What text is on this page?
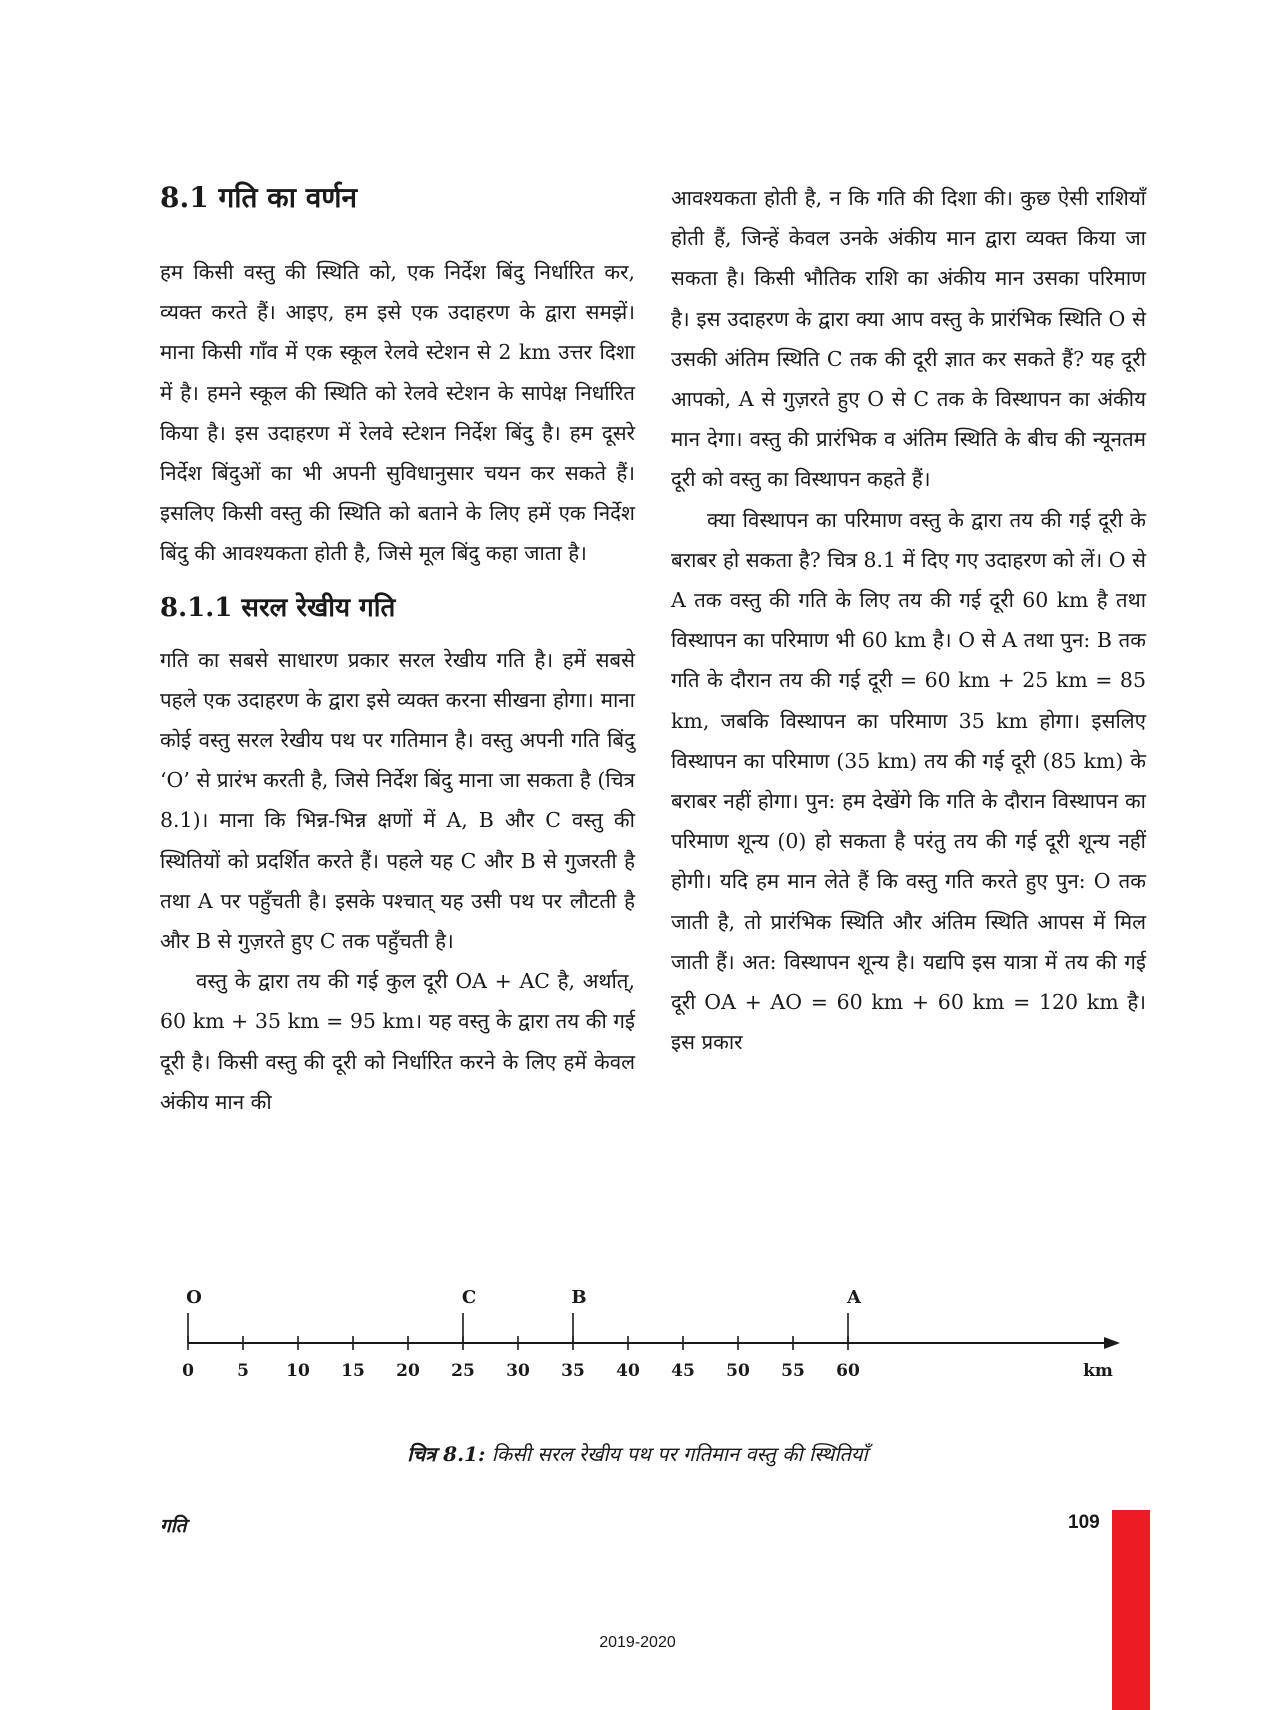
8.1 गति का वर्णन

हम किसी वस्तु की स्थिति को, एक निर्देश बिंदु निर्धारित कर, व्यक्त करते हैं। आइए, हम इसे एक उदाहरण के द्वारा समझें। माना किसी गाँव में एक स्कूल रेलवे स्टेशन से 2 km उत्तर दिशा में है। हमने स्कूल की स्थिति को रेलवे स्टेशन के सापेक्ष निर्धारित किया है। इस उदाहरण में रेलवे स्टेशन निर्देश बिंदु है। हम दूसरे निर्देश बिंदुओं का भी अपनी सुविधानुसार चयन कर सकते हैं। इसलिए किसी वस्तु की स्थिति को बताने के लिए हमें एक निर्देश बिंदु की आवश्यकता होती है, जिसे मूल बिंदु कहा जाता है।

8.1.1 सरल रेखीय गति

गति का सबसे साधारण प्रकार सरल रेखीय गति है। हमें सबसे पहले एक उदाहरण के द्वारा इसे व्यक्त करना सीखना होगा। माना कोई वस्तु सरल रेखीय पथ पर गतिमान है। वस्तु अपनी गति बिंदु ‘O’ से प्रारंभ करती है, जिसे निर्देश बिंदु माना जा सकता है (चित्र 8.1)। माना कि भिन्न-भिन्न क्षणों में A, B और C वस्तु की स्थितियों को प्रदर्शित करते हैं। पहले यह C और B से गुजरती है तथा A पर पहुँचती है। इसके पश्चात् यह उसी पथ पर लौटती है और B से गुज़रते हुए C तक पहुँचती है।

वस्तु के द्वारा तय की गई कुल दूरी OA + AC है, अर्थात्, 60 km + 35 km = 95 km। यह वस्तु के द्वारा तय की गई दूरी है। किसी वस्तु की दूरी को निर्धारित करने के लिए हमें केवल अंकीय मान की

आवश्यकता होती है, न कि गति की दिशा की। कुछ ऐसी राशियाँ होती हैं, जिन्हें केवल उनके अंकीय मान द्वारा व्यक्त किया जा सकता है। किसी भौतिक राशि का अंकीय मान उसका परिमाण है। इस उदाहरण के द्वारा क्या आप वस्तु के प्रारंभिक स्थिति O से उसकी अंतिम स्थिति C तक की दूरी ज्ञात कर सकते हैं? यह दूरी आपको, A से गुज़रते हुए O से C तक के विस्थापन का अंकीय मान देगा। वस्तु की प्रारंभिक व अंतिम स्थिति के बीच की न्यूनतम दूरी को वस्तु का विस्थापन कहते हैं।

क्या विस्थापन का परिमाण वस्तु के द्वारा तय की गई दूरी के बराबर हो सकता है? चित्र 8.1 में दिए गए उदाहरण को लें। O से A तक वस्तु की गति के लिए तय की गई दूरी 60 km है तथा विस्थापन का परिमाण भी 60 km है। O से A तथा पुन: B तक गति के दौरान तय की गई दूरी = 60 km + 25 km = 85 km, जबकि विस्थापन का परिमाण 35 km होगा। इसलिए विस्थापन का परिमाण (35 km) तय की गई दूरी (85 km) के बराबर नहीं होगा। पुन: हम देखेंगे कि गति के दौरान विस्थापन का परिमाण शून्य (0) हो सकता है परंतु तय की गई दूरी शून्य नहीं होगी। यदि हम मान लेते हैं कि वस्तु गति करते हुए पुन: O तक जाती है, तो प्रारंभिक स्थिति और अंतिम स्थिति आपस में मिल जाती हैं। अत: विस्थापन शून्य है। यद्यपि इस यात्रा में तय की गई दूरी OA + AO = 60 km + 60 km = 120 km है। इस प्रकार

0	5 10 15 20 25 30 35 40 45 50 55 60	km
O	C	B	A
चित्र 8.1: किसी सरल रेखीय पथ पर गतिमान वस्तु की स्थितियाँ
गति	109
2019-2020
